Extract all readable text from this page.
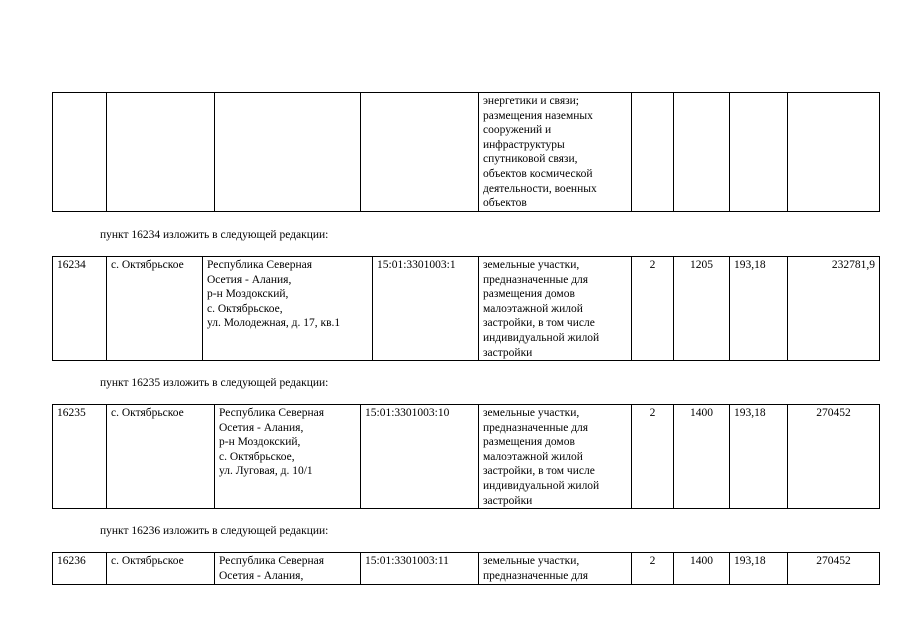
				энергетики и связи;
размещения наземных
сооружений и
инфраструктуры
спутниковой связи,
объектов космической
деятельности, военных
объектов				
пункт 16234 изложить в следующей редакции:
16234	с. Октябрьское	Республика Северная
Осетия - Алания,
р-н Моздокский,
с. Октябрьское,
ул. Молодежная, д. 17, кв.1	15:01:3301003:1	земельные участки,
предназначенные для
размещения домов
малоэтажной жилой
застройки, в том числе
индивидуальной жилой
застройки	2	1205	193,18	232781,9
пункт 16235 изложить в следующей редакции:
16235	с. Октябрьское	Республика Северная
Осетия - Алания,
р-н Моздокский,
с. Октябрьское,
ул. Луговая, д. 10/1	15:01:3301003:10	земельные участки,
предназначенные для
размещения домов
малоэтажной жилой
застройки, в том числе
индивидуальной жилой
застройки	2	1400	193,18	270452
пункт 16236 изложить в следующей редакции:
16236	с. Октябрьское	Республика Северная
Осетия - Алания,	15:01:3301003:11	земельные участки,
предназначенные для	2	1400	193,18	270452
